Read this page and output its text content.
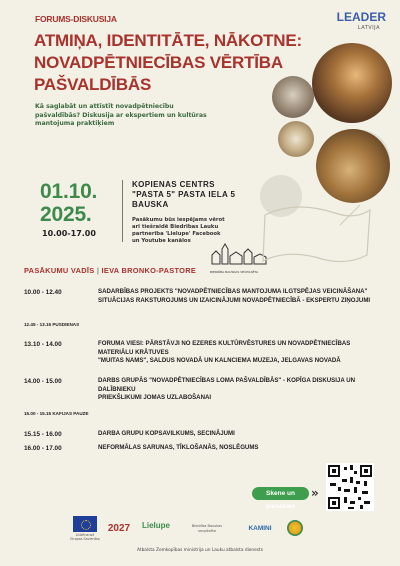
FORUMS-DISKUSIJA	LEADER
LATVIJA
ATMIŅA, IDENTITĀTE, NĀKOTNE:
NOVADPĒTNIECĪBAS VĒRTĪBA
PAŠVALDĪBĀS
Kā saglabāt un attīstīt novadpētniecību
pašvaldībās? Diskusija ar ekspertiem un kultūras
mantojuma praktiķiem
01.10.
2025.
10.00-17.00
KOPIENAS CENTRS
"PASTA 5" PASTA IELA 5
BAUSKA
Pasākumu būs iespējams vērot
arī tiešraidē Biedrības Lauku
partnerība 'Lielupe' Facebook
un Youtube kanālos
BIEDRĪBA BAUSKAS VECPILSĒTA
PASĀKUMU VADĪS | IEVA BRONKO-PASTORE
10.00 - 12.40	SADARBĪBAS PROJEKTS "NOVADPĒTNIECĪBAS MANTOJUMA ILGTSPĒJAS VEICINĀŠANA"
SITUĀCIJAS RAKSTUROJUMS UN IZAICINĀJUMI NOVADPĒTNIECĪBĀ - EKSPERTU ZIŅOJUMI
12.45 - 13.15 PUSDIENAS
13.10 - 14.00	FORUMA VIESI: PĀRSTĀVJI NO EZERES KULTŪRVĒSTURES UN NOVADPĒTNIECĪBAS MATERIĀLU KRĀTUVES
"MUITAS NAMS", SALDUS NOVADĀ UN KALNCIEMA MUZEJA, JELGAVAS NOVADĀ
14.00 - 15.00	DARBS GRUPĀS "NOVADPĒTNIECĪBAS LOMA PAŠVALDĪBĀS" - KOPĪGA DISKUSIJA UN DALĪBNIEKU
PRIEKŠLIKUMI JOMAS UZLABOŠANAI
15.00 - 15.15 KAFIJAS PAUZE
15.15 - 16.00	DARBA GRUPU KOPSAVILKUMS, SECINĀJUMI
16.00 - 17.00	NEFORMĀLAS SARUNAS, TĪKLOŠANĀS, NOSLĒGUMS
Skene un piesakies
»
Līdzfinansē Eiropas Savienība
2027	Lielupe	Biedrība Bauskas vecpilsēta	KAMINI
Atbalsta Zemkopības ministrija un Lauku atbalsta dienests
